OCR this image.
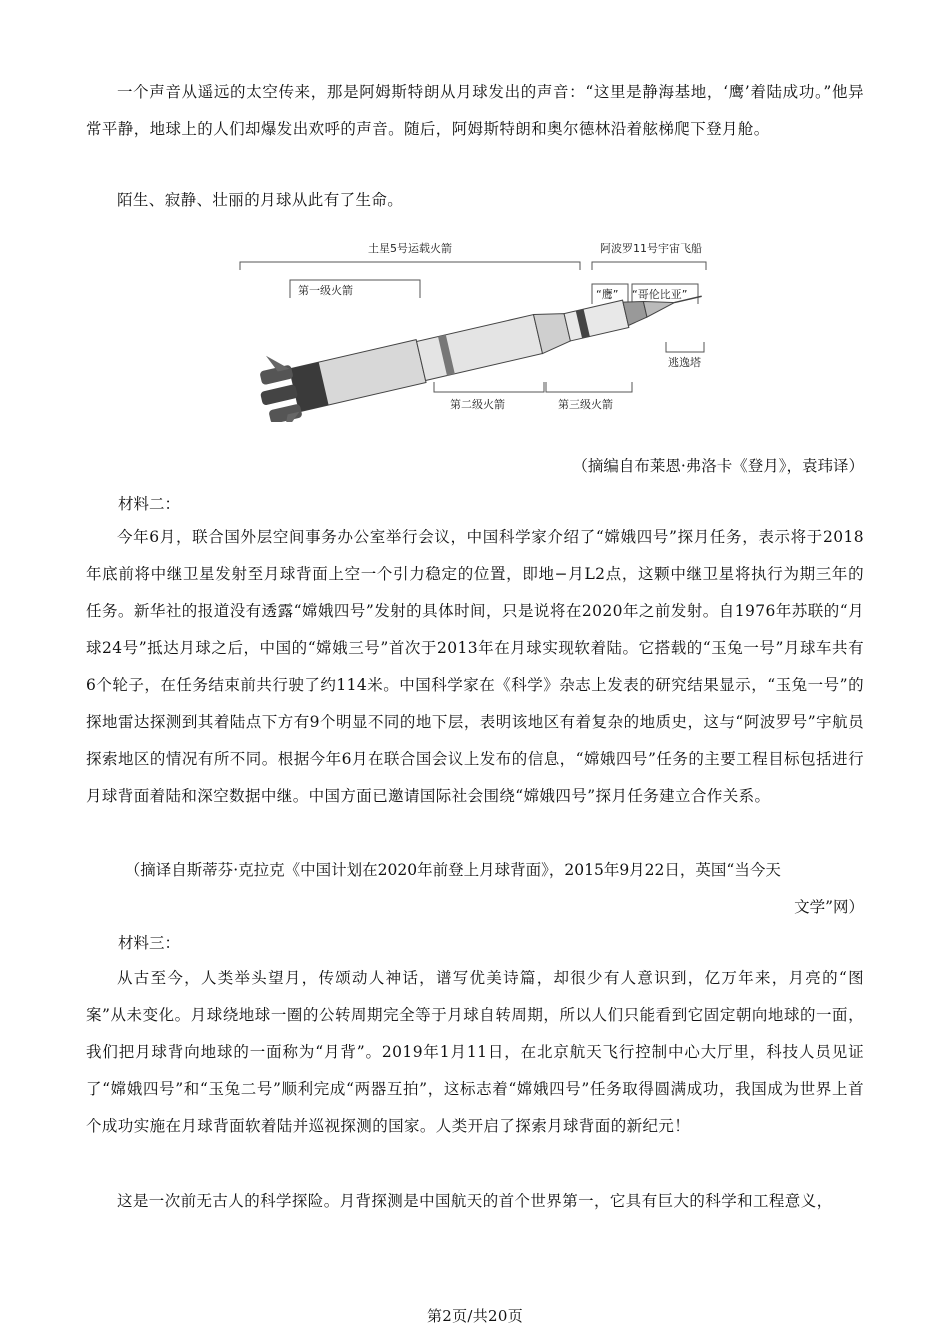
一个声音从遥远的太空传来，那是阿姆斯特朗从月球发出的声音：“这里是静海基地，‘鹰’着陆成功。”他异常平静，地球上的人们却爆发出欢呼的声音。随后，阿姆斯特朗和奥尔德林沿着舷梯爬下登月舱。

陌生、寂静、壮丽的月球从此有了生命。

土星5号运载火箭	阿波罗11号宇宙飞船
第一级火箭	“鹰” “哥伦比亚”
第二级火箭	第三级火箭
逃逸塔

（摘编自布莱恩·弗洛卡《登月》，袁玮译）

材料二：

今年6月，联合国外层空间事务办公室举行会议，中国科学家介绍了“嫦娥四号”探月任务，表示将于2018年底前将中继卫星发射至月球背面上空一个引力稳定的位置，即地−月L2点，这颗中继卫星将执行为期三年的任务。新华社的报道没有透露“嫦娥四号”发射的具体时间，只是说将在2020年之前发射。自1976年苏联的“月球24号”抵达月球之后，中国的“嫦娥三号”首次于2013年在月球实现软着陆。它搭载的“玉兔一号”月球车共有6个轮子，在任务结束前共行驶了约114米。中国科学家在《科学》杂志上发表的研究结果显示，“玉兔一号”的探地雷达探测到其着陆点下方有9个明显不同的地下层，表明该地区有着复杂的地质史，这与“阿波罗号”宇航员探索地区的情况有所不同。根据今年6月在联合国会议上发布的信息，“嫦娥四号”任务的主要工程目标包括进行月球背面着陆和深空数据中继。中国方面已邀请国际社会围绕“嫦娥四号”探月任务建立合作关系。

（摘译自斯蒂芬·克拉克《中国计划在2020年前登上月球背面》，2015年9月22日，英国“当今天

文学”网）

材料三：

从古至今，人类举头望月，传颂动人神话，谱写优美诗篇，却很少有人意识到，亿万年来，月亮的“图案”从未变化。月球绕地球一圈的公转周期完全等于月球自转周期，所以人们只能看到它固定朝向地球的一面，我们把月球背向地球的一面称为“月背”。2019年1月11日，在北京航天飞行控制中心大厅里，科技人员见证了“嫦娥四号”和“玉兔二号”顺利完成“两器互拍”，这标志着“嫦娥四号”任务取得圆满成功，我国成为世界上首个成功实施在月球背面软着陆并巡视探测的国家。人类开启了探索月球背面的新纪元！

这是一次前无古人的科学探险。月背探测是中国航天的首个世界第一，它具有巨大的科学和工程意义，

第2页/共20页
